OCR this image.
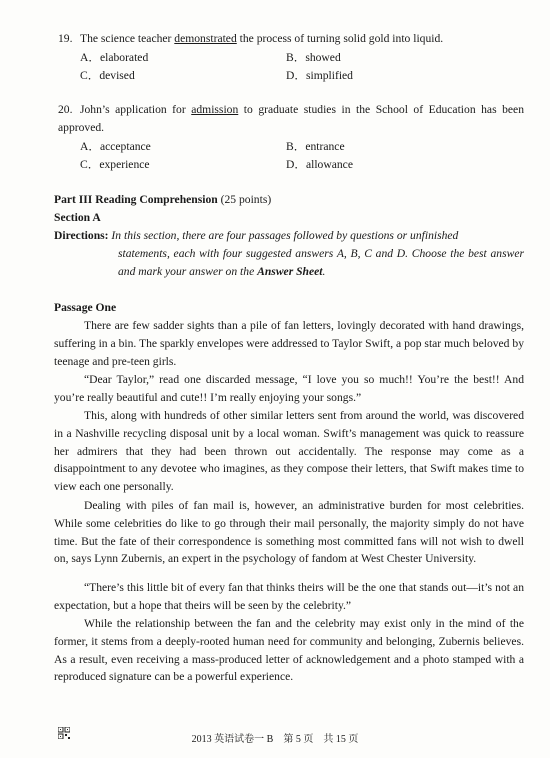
19. The science teacher demonstrated the process of turning solid gold into liquid.
A．elaborated	B．showed
C．devised	D．simplified
20. John’s application for admission to graduate studies in the School of Education has been approved.
A．acceptance	B．entrance
C．experience	D．allowance
Part III Reading Comprehension (25 points)
Section A
Directions: In this section, there are four passages followed by questions or unfinished
statements, each with four suggested answers A, B, C and D. Choose the best answer and mark your answer on the Answer Sheet.
Passage One
There are few sadder sights than a pile of fan letters, lovingly decorated with hand drawings, suffering in a bin. The sparkly envelopes were addressed to Taylor Swift, a pop star much beloved by teenage and pre-teen girls.
“Dear Taylor,” read one discarded message, “I love you so much!! You’re the best!! And you’re really beautiful and cute!! I’m really enjoying your songs.”
This, along with hundreds of other similar letters sent from around the world, was discovered in a Nashville recycling disposal unit by a local woman. Swift’s management was quick to reassure her admirers that they had been thrown out accidentally. The response may come as a disappointment to any devotee who imagines, as they compose their letters, that Swift makes time to view each one personally.
Dealing with piles of fan mail is, however, an administrative burden for most celebrities. While some celebrities do like to go through their mail personally, the majority simply do not have time. But the fate of their correspondence is something most committed fans will not wish to dwell on, says Lynn Zubernis, an expert in the psychology of fandom at West Chester University.
“There’s this little bit of every fan that thinks theirs will be the one that stands out—it’s not an expectation, but a hope that theirs will be seen by the celebrity.”
While the relationship between the fan and the celebrity may exist only in the mind of the former, it stems from a deeply-rooted human need for community and belonging, Zubernis believes. As a result, even receiving a mass-produced letter of acknowledgement and a photo stamped with a reproduced signature can be a powerful experience.
2013 英语试卷一 B　第 5 页　共 15 页
